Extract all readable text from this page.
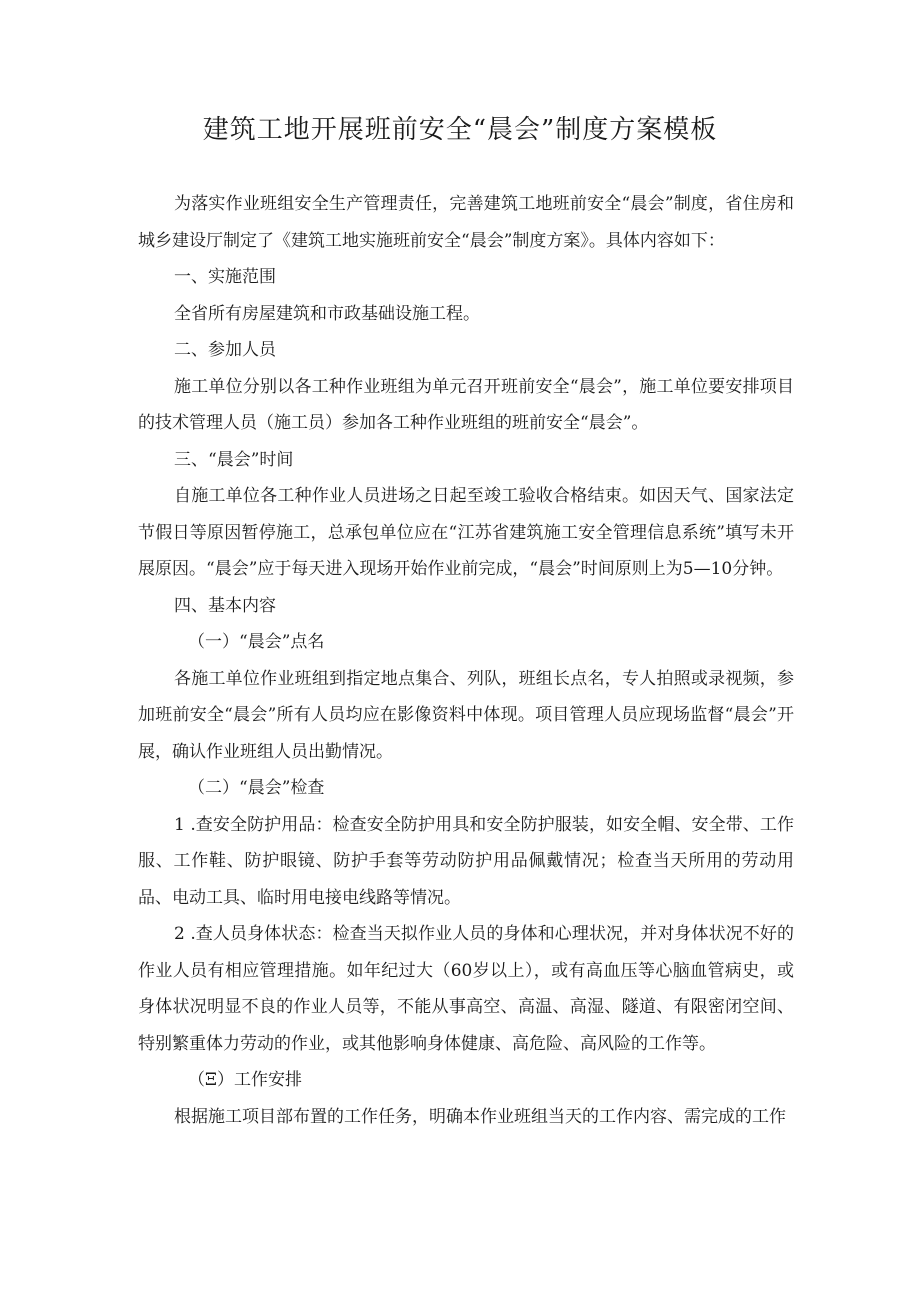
建筑工地开展班前安全“晨会”制度方案模板

为落实作业班组安全生产管理责任，完善建筑工地班前安全“晨会”制度，省住房和城乡建设厅制定了《建筑工地实施班前安全“晨会”制度方案》。具体内容如下：

一、实施范围

全省所有房屋建筑和市政基础设施工程。

二、参加人员

施工单位分别以各工种作业班组为单元召开班前安全“晨会”，施工单位要安排项目的技术管理人员（施工员）参加各工种作业班组的班前安全“晨会”。

三、“晨会”时间

自施工单位各工种作业人员进场之日起至竣工验收合格结束。如因天气、国家法定节假日等原因暂停施工，总承包单位应在“江苏省建筑施工安全管理信息系统”填写未开展原因。“晨会”应于每天进入现场开始作业前完成，“晨会”时间原则上为5—10分钟。

四、基本内容

（一）“晨会”点名

各施工单位作业班组到指定地点集合、列队，班组长点名，专人拍照或录视频，参加班前安全“晨会”所有人员均应在影像资料中体现。项目管理人员应现场监督“晨会”开展，确认作业班组人员出勤情况。

（二）“晨会”检查

1 .查安全防护用品：检查安全防护用具和安全防护服装，如安全帽、安全带、工作服、工作鞋、防护眼镜、防护手套等劳动防护用品佩戴情况；检查当天所用的劳动用品、电动工具、临时用电接电线路等情况。

2 .查人员身体状态：检查当天拟作业人员的身体和心理状况，并对身体状况不好的作业人员有相应管理措施。如年纪过大（60岁以上），或有高血压等心脑血管病史，或身体状况明显不良的作业人员等，不能从事高空、高温、高湿、隧道、有限密闭空间、特别繁重体力劳动的作业，或其他影响身体健康、高危险、高风险的工作等。

（Ξ）工作安排

根据施工项目部布置的工作任务，明确本作业班组当天的工作内容、需完成的工作
